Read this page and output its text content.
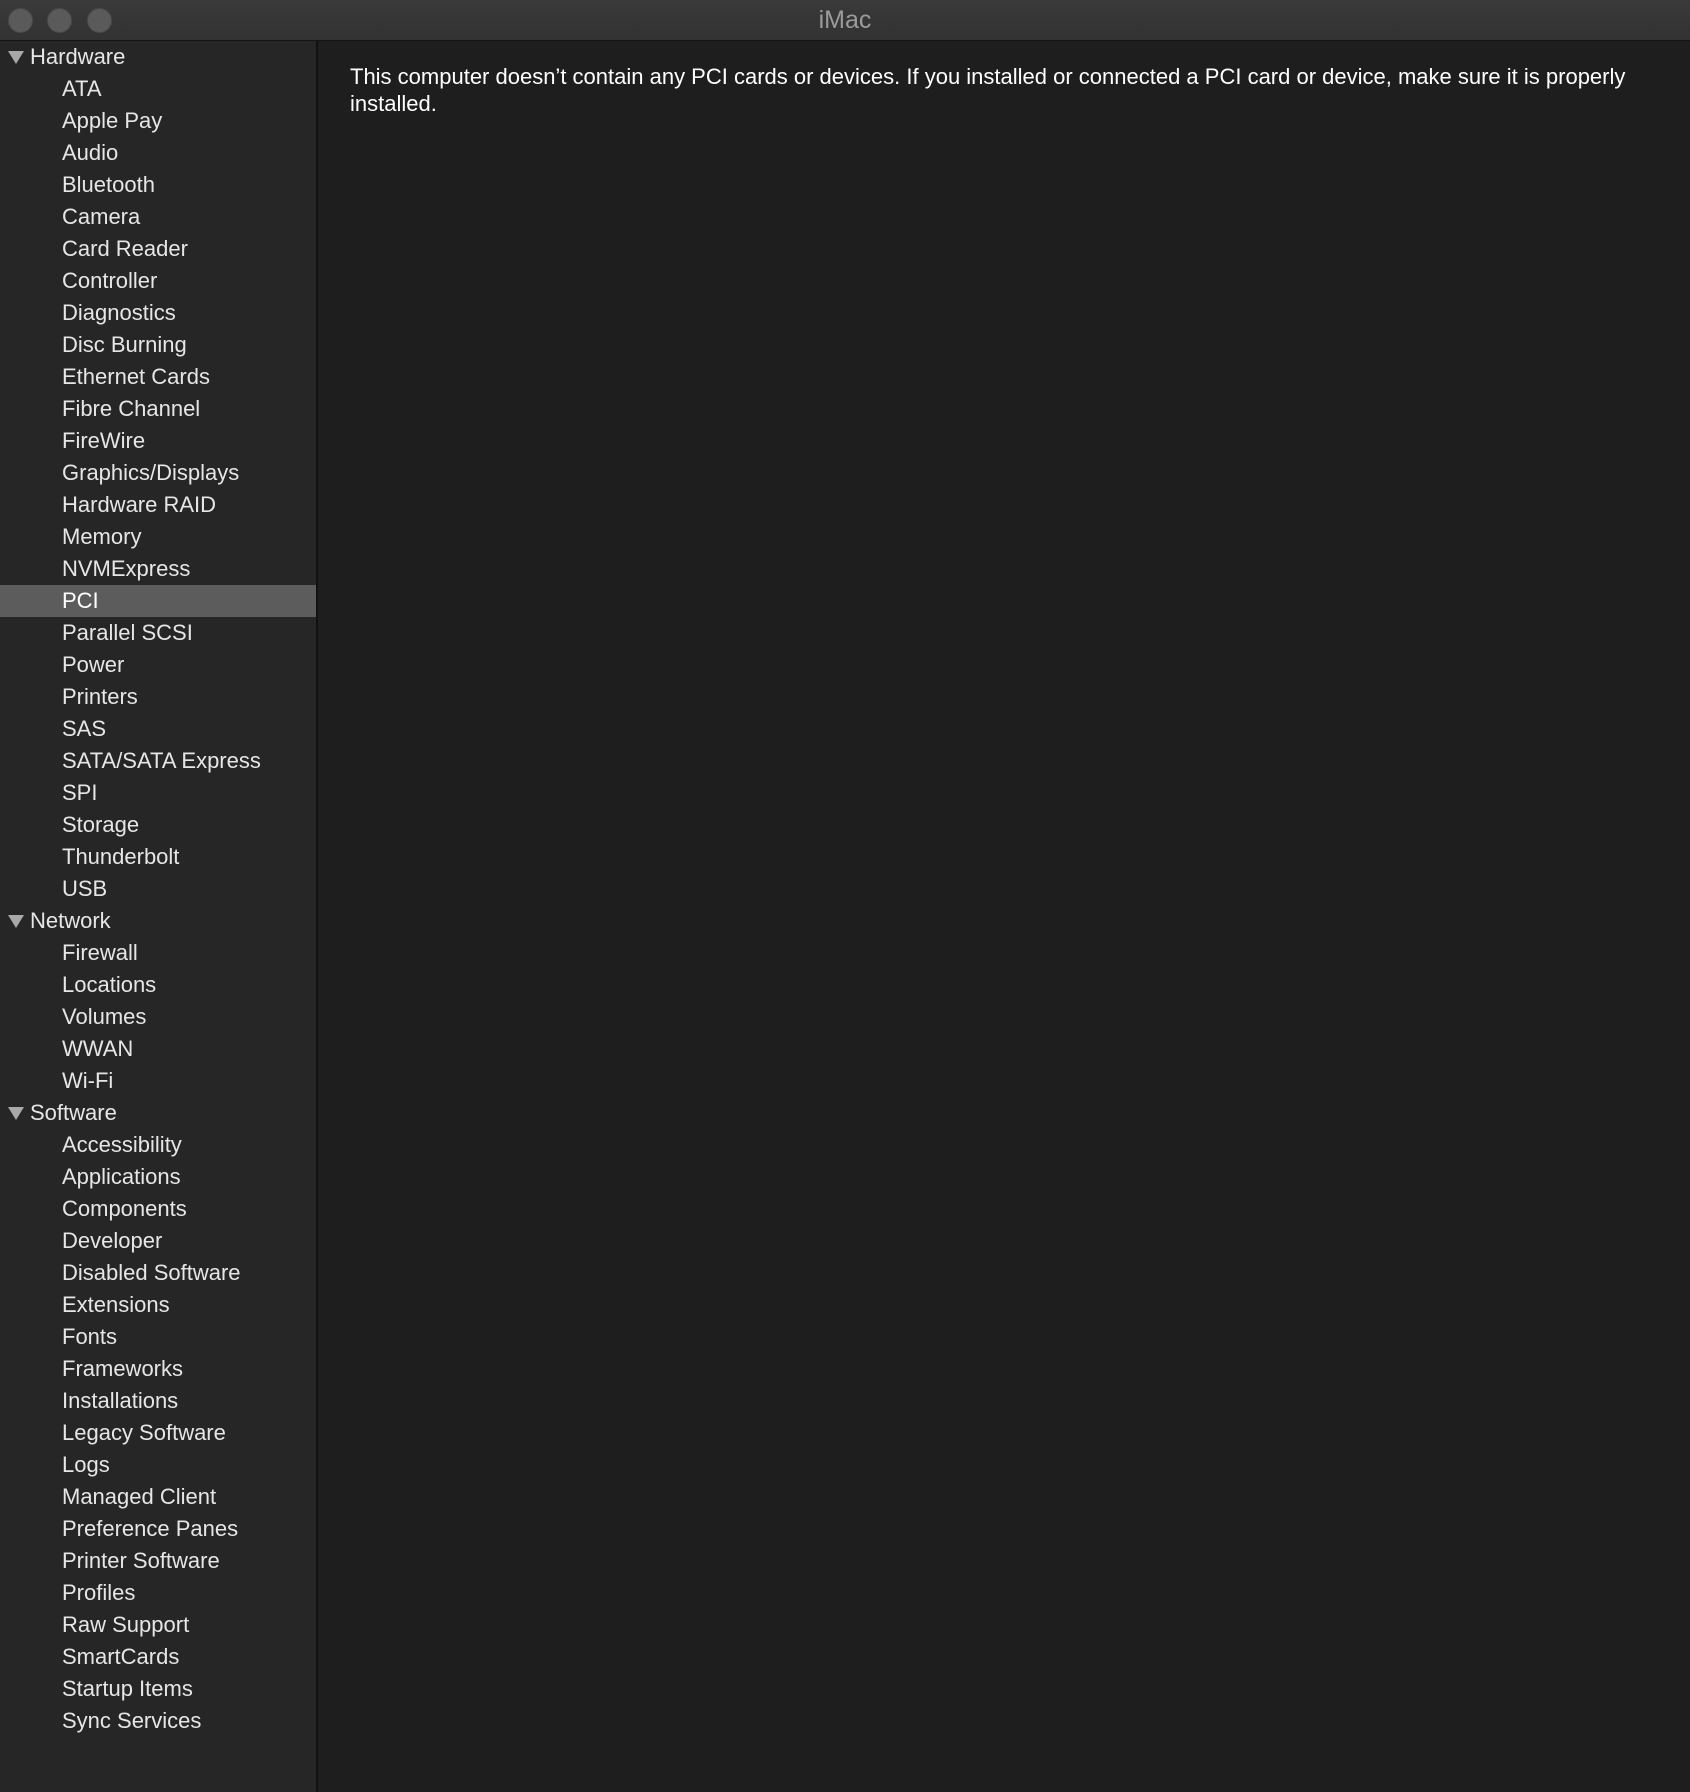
iMac
Hardware
ATA
Apple Pay
Audio
Bluetooth
Camera
Card Reader
Controller
Diagnostics
Disc Burning
Ethernet Cards
Fibre Channel
FireWire
Graphics/Displays
Hardware RAID
Memory
NVMExpress
PCI
Parallel SCSI
Power
Printers
SAS
SATA/SATA Express
SPI
Storage
Thunderbolt
USB
Network
Firewall
Locations
Volumes
WWAN
Wi-Fi
Software
Accessibility
Applications
Components
Developer
Disabled Software
Extensions
Fonts
Frameworks
Installations
Legacy Software
Logs
Managed Client
Preference Panes
Printer Software
Profiles
Raw Support
SmartCards
Startup Items
Sync Services
This computer doesn’t contain any PCI cards or devices. If you installed or connected a PCI card or device, make sure it is properly installed.
